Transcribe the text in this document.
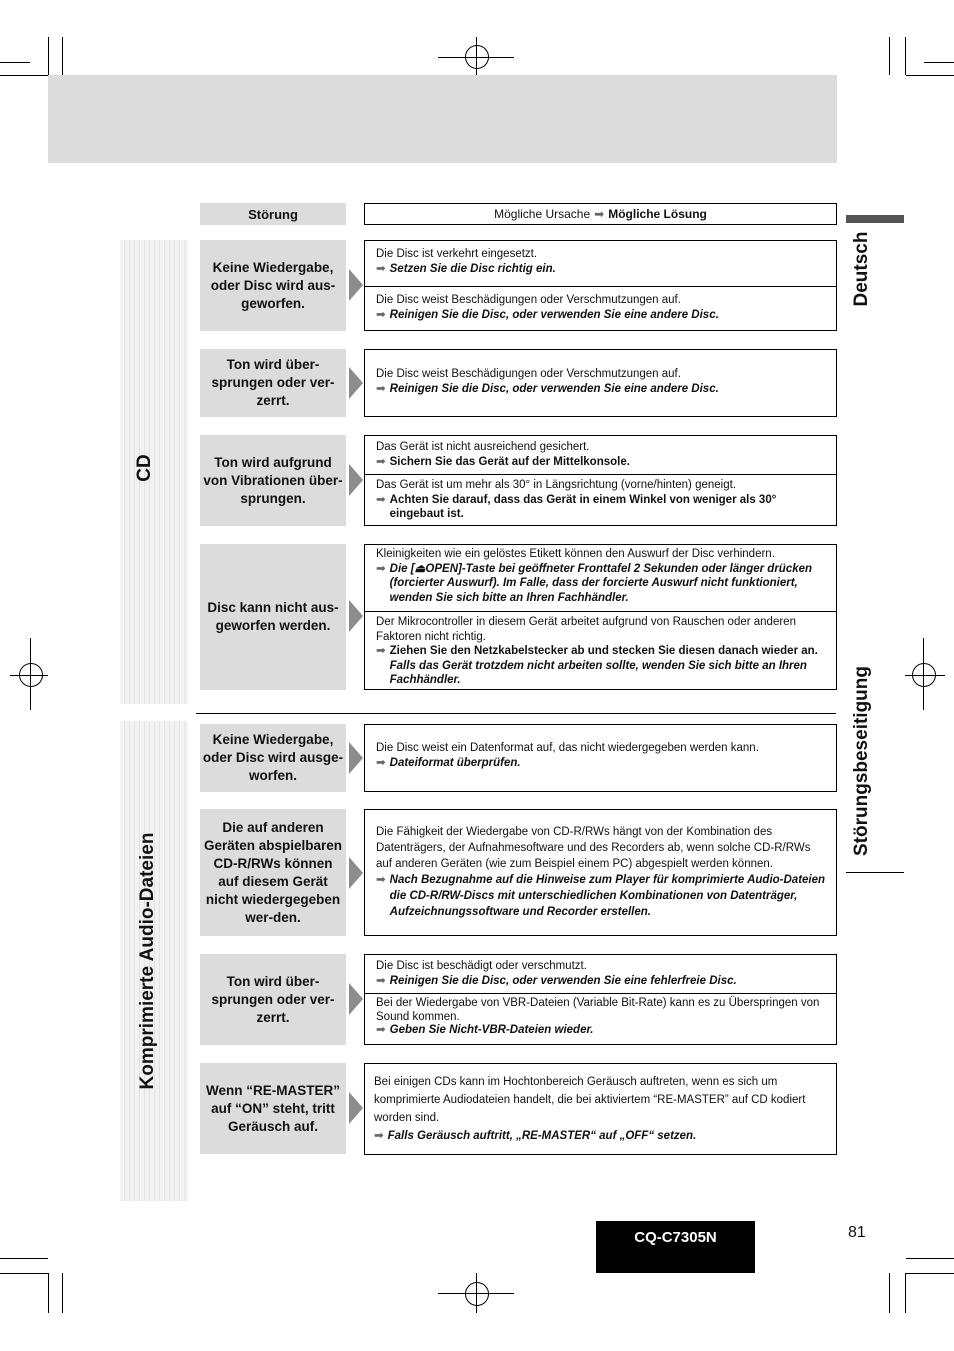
Störung	Mögliche Ursache ➡ Mögliche Lösung
CD
Komprimierte Audio-Dateien
Deutsch
Störungsbeseitigung
Keine Wiedergabe, oder Disc wird aus-geworfen.
Die Disc ist verkehrt eingesetzt.
➡ Setzen Sie die Disc richtig ein.
Die Disc weist Beschädigungen oder Verschmutzungen auf.
➡ Reinigen Sie die Disc, oder verwenden Sie eine andere Disc.
Ton wird über-sprungen oder ver-zerrt.
Die Disc weist Beschädigungen oder Verschmutzungen auf.
➡ Reinigen Sie die Disc, oder verwenden Sie eine andere Disc.
Ton wird aufgrund von Vibrationen über-sprungen.
Das Gerät ist nicht ausreichend gesichert.
➡ Sichern Sie das Gerät auf der Mittelkonsole.
Das Gerät ist um mehr als 30° in Längsrichtung (vorne/hinten) geneigt.
➡ Achten Sie darauf, dass das Gerät in einem Winkel von weniger als 30° eingebaut ist.
Disc kann nicht aus-geworfen werden.
Kleinigkeiten wie ein gelöstes Etikett können den Auswurf der Disc verhindern.
➡ Die [⏏OPEN]-Taste bei geöffneter Fronttafel 2 Sekunden oder länger drücken (forcierter Auswurf). Im Falle, dass der forcierte Auswurf nicht funktioniert, wenden Sie sich bitte an Ihren Fachhändler.
Der Mikrocontroller in diesem Gerät arbeitet aufgrund von Rauschen oder anderen Faktoren nicht richtig.
➡ Ziehen Sie den Netzkabelstecker ab und stecken Sie diesen danach wieder an. Falls das Gerät trotzdem nicht arbeiten sollte, wenden Sie sich bitte an Ihren Fachhändler.
Keine Wiedergabe, oder Disc wird ausge-worfen.
Die Disc weist ein Datenformat auf, das nicht wiedergegeben werden kann.
➡ Dateiformat überprüfen.
Die auf anderen Geräten abspielbaren CD-R/RWs können auf diesem Gerät nicht wiedergegeben wer-den.
Die Fähigkeit der Wiedergabe von CD-R/RWs hängt von der Kombination des Datenträgers, der Aufnahmesoftware und des Recorders ab, wenn solche CD-R/RWs auf anderen Geräten (wie zum Beispiel einem PC) abgespielt werden können.
➡ Nach Bezugnahme auf die Hinweise zum Player für komprimierte Audio-Dateien die CD-R/RW-Discs mit unterschiedlichen Kombinationen von Datenträger, Aufzeichnungssoftware und Recorder erstellen.
Ton wird über-sprungen oder ver-zerrt.
Die Disc ist beschädigt oder verschmutzt.
➡ Reinigen Sie die Disc, oder verwenden Sie eine fehlerfreie Disc.
Bei der Wiedergabe von VBR-Dateien (Variable Bit-Rate) kann es zu Überspringen von Sound kommen.
➡ Geben Sie Nicht-VBR-Dateien wieder.
Wenn “RE-MASTER” auf “ON” steht, tritt Geräusch auf.
Bei einigen CDs kann im Hochtonbereich Geräusch auftreten, wenn es sich um komprimierte Audiodateien handelt, die bei aktiviertem “RE-MASTER” auf CD kodiert worden sind.
➡ Falls Geräusch auftritt, „RE-MASTER“ auf „OFF“ setzen.
CQ-C7305N	81
